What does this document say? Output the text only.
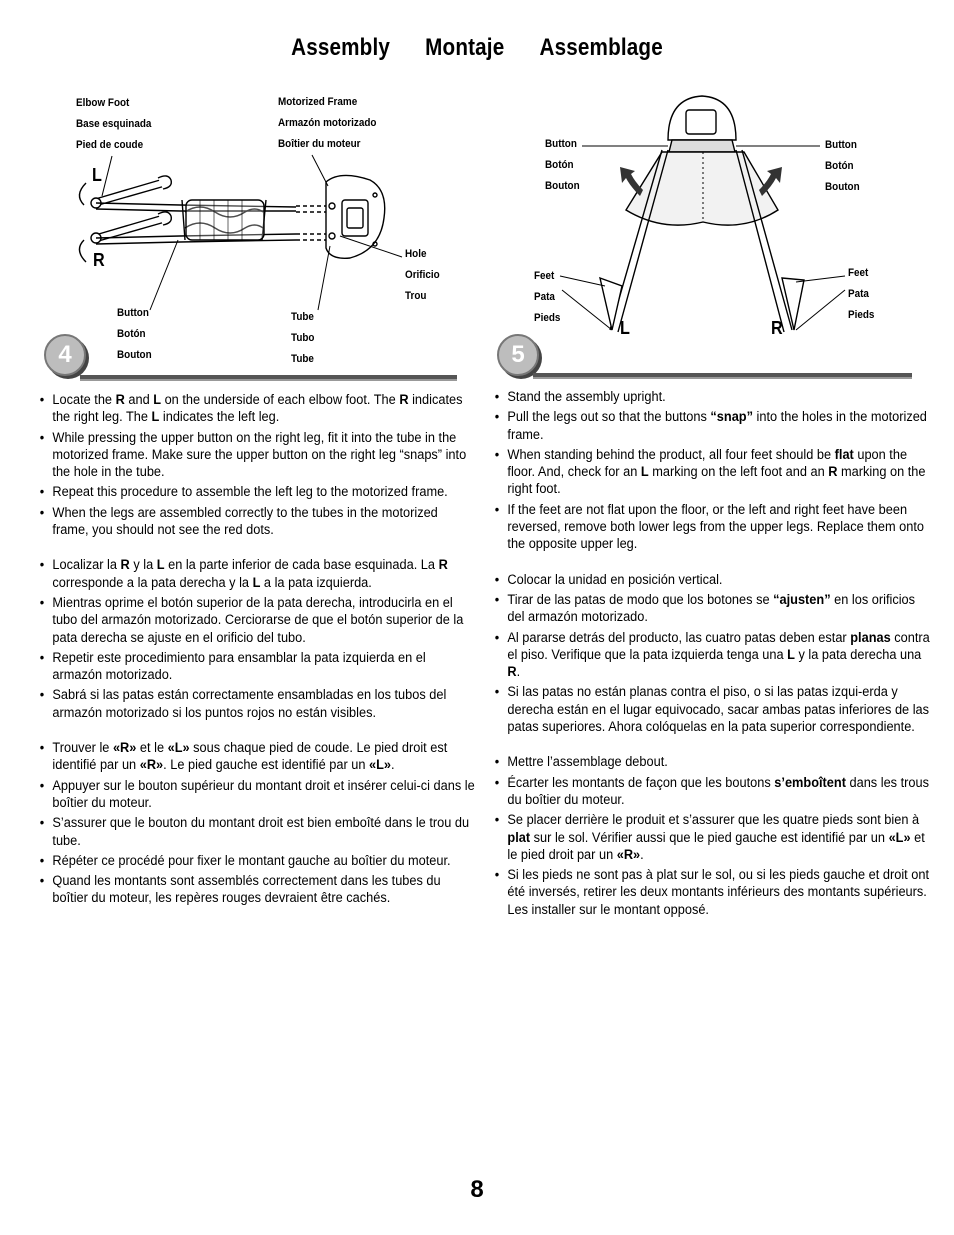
Assembly Montaje Assemblage
Elbow Foot
Base esquinada
Pied de coude
Motorized Frame
Armazón motorizado
Boîtier du moteur
Hole
Orificio
Trou
Button
Botón
Bouton
Tube
Tubo
Tube
L
R
4
Button
Botón
Bouton
Button
Botón
Bouton
Feet
Pata
Pieds
Feet
Pata
Pieds
L	R
5
• Locate the R and L on the underside of each elbow foot. The R indicates the right leg. The L indicates the left leg.
• While pressing the upper button on the right leg, fit it into the tube in the motorized frame. Make sure the upper button on the right leg “snaps” into the hole in the tube.
• Repeat this procedure to assemble the left leg to the motorized frame.
• When the legs are assembled correctly to the tubes in the motorized frame, you should not see the red dots.
• Localizar la R y la L en la parte inferior de cada base esquinada. La R corresponde a la pata derecha y la L a la pata izquierda.
• Mientras oprime el botón superior de la pata derecha, introducirla en el tubo del armazón motorizado. Cerciorarse de que el botón superior de la pata derecha se ajuste en el orificio del tubo.
• Repetir este procedimiento para ensamblar la pata izquierda en el armazón motorizado.
• Sabrá si las patas están correctamente ensambladas en los tubos del armazón motorizado si los puntos rojos no están visibles.
• Trouver le «R» et le «L» sous chaque pied de coude. Le pied droit est identifié par un «R». Le pied gauche est identifié par un «L».
• Appuyer sur le bouton supérieur du montant droit et insérer celui-ci dans le boîtier du moteur.
• S’assurer que le bouton du montant droit est bien emboîté dans le trou du tube.
• Répéter ce procédé pour fixer le montant gauche au boîtier du moteur.
• Quand les montants sont assemblés correctement dans les tubes du boîtier du moteur, les repères rouges devraient être cachés.
• Stand the assembly upright.
• Pull the legs out so that the buttons “snap” into the holes in the motorized frame.
• When standing behind the product, all four feet should be flat upon the floor. And, check for an L marking on the left foot and an R marking on the right foot.
• If the feet are not flat upon the floor, or the left and right feet have been reversed, remove both lower legs from the upper legs. Replace them onto the opposite upper leg.
• Colocar la unidad en posición vertical.
• Tirar de las patas de modo que los botones se “ajusten” en los orificios del armazón motorizado.
• Al pararse detrás del producto, las cuatro patas deben estar planas contra el piso. Verifique que la pata izquierda tenga una L y la pata derecha una R.
• Si las patas no están planas contra el piso, o si las patas izqui-erda y derecha están en el lugar equivocado, sacar ambas patas inferiores de las patas superiores. Ahora colóquelas en la pata superior correspondiente.
• Mettre l’assemblage debout.
• Écarter les montants de façon que les boutons s’emboîtent dans les trous du boîtier du moteur.
• Se placer derrière le produit et s’assurer que les quatre pieds sont bien à plat sur le sol. Vérifier aussi que le pied gauche est identifié par un «L» et le pied droit par un «R».
• Si les pieds ne sont pas à plat sur le sol, ou si les pieds gauche et droit ont été inversés, retirer les deux montants inférieurs des montants supérieurs. Les installer sur le montant opposé.
8
